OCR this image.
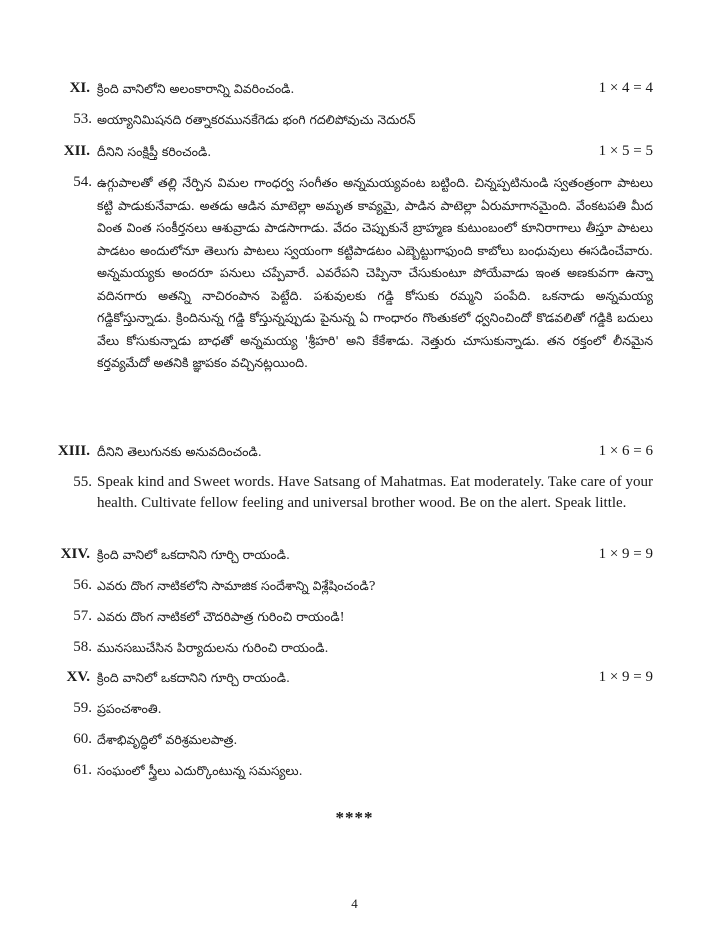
XI. క్రింది వానిలోని అలంకారాన్ని వివరించండి.	1 × 4 = 4
53. అయ్యానిమిషనది రత్నాకరమునకేగెడు భంగి గదలిపోవుచు నెదురన్
XII. దీనిని సంక్షిప్తీ కరించండి.	1 × 5 = 5
54. ఉగ్గుపాలతో తల్లి నేర్పిన విమల గాంధర్వ సంగీతం అన్నమయ్యవంట బట్టింది. చిన్నప్పటినుండి స్వతంత్రంగా పాటలు కట్టి పాడుకునేవాడు. అతడు ఆడిన మాటెల్లా అమృత కావ్యమై, పాడిన పాటెల్లా ఏరుమాగానమైంది. వేంకటపతి మీద వింత వింత సంకీర్తనలు ఆశువ్రాడు పాడసాగాడు. వేదం చెప్పుకునే బ్రాహ్మణ కుటుంబంలో కూనిరాగాలు తీస్తూ పాటలు పాడటం అందులోనూ తెలుగు పాటలు స్వయంగా కట్టిపాడటం ఎబ్బెట్టుగాఫుంది కాబోలు బంధువులు ఈసడించేవారు. అన్నమయ్యకు అందరూ పనులు చప్పేవారే. ఎవరేపని చెప్పినా చేసుకుంటూ పోయేవాడు ఇంత అణకువగా ఉన్నా వదినగారు అతన్ని నాచిరంపాన పెట్టేది. పశువులకు గడ్డి కోసుకు రమ్మని పంపేది. ఒకనాడు అన్నమయ్య గడ్డికోస్తున్నాడు. క్రిందినున్న గడ్డి కోస్తున్నప్పుడు పైనున్న ఏ గాంధారం గొంతుకలో ధ్వనించిందో కొడవలితో గడ్డికి బదులు వేలు కోసుకున్నాడు బాధతో అన్నమయ్య 'శ్రీహరి' అని కేకేశాడు. నెత్తురు చూసుకున్నాడు. తన రక్తంలో లీనమైన కర్తవ్యమేదో అతనికి జ్ఞాపకం వచ్చినట్లయింది.
XIII. దీనిని తెలుగునకు అనువదించండి.	1 × 6 = 6
55. Speak kind and Sweet words. Have Satsang of Mahatmas. Eat moderately. Take care of your health. Cultivate fellow feeling and universal brother wood. Be on the alert. Speak little.
XIV. క్రింది వానిలో ఒకదానిని గూర్చి రాయండి.	1 × 9 = 9
56. ఎవరు దొంగ నాటికలోని సామాజిక సందేశాన్ని విశ్లేషించండి?
57. ఎవరు దొంగ నాటికలో చౌదరిపాత్ర గురించి రాయండి!
58. మునసబుచేసిన పిర్యాదులను గురించి రాయండి.
XV. క్రింది వానిలో ఒకదానిని గూర్చి రాయండి.	1 × 9 = 9
59. ప్రపంచశాంతి.
60. దేశాభివృద్ధిలో వరిశ్రమలపాత్ర.
61. సంఘంలో స్త్రీలు ఎదుర్కొంటున్న సమస్యలు.
****
4
